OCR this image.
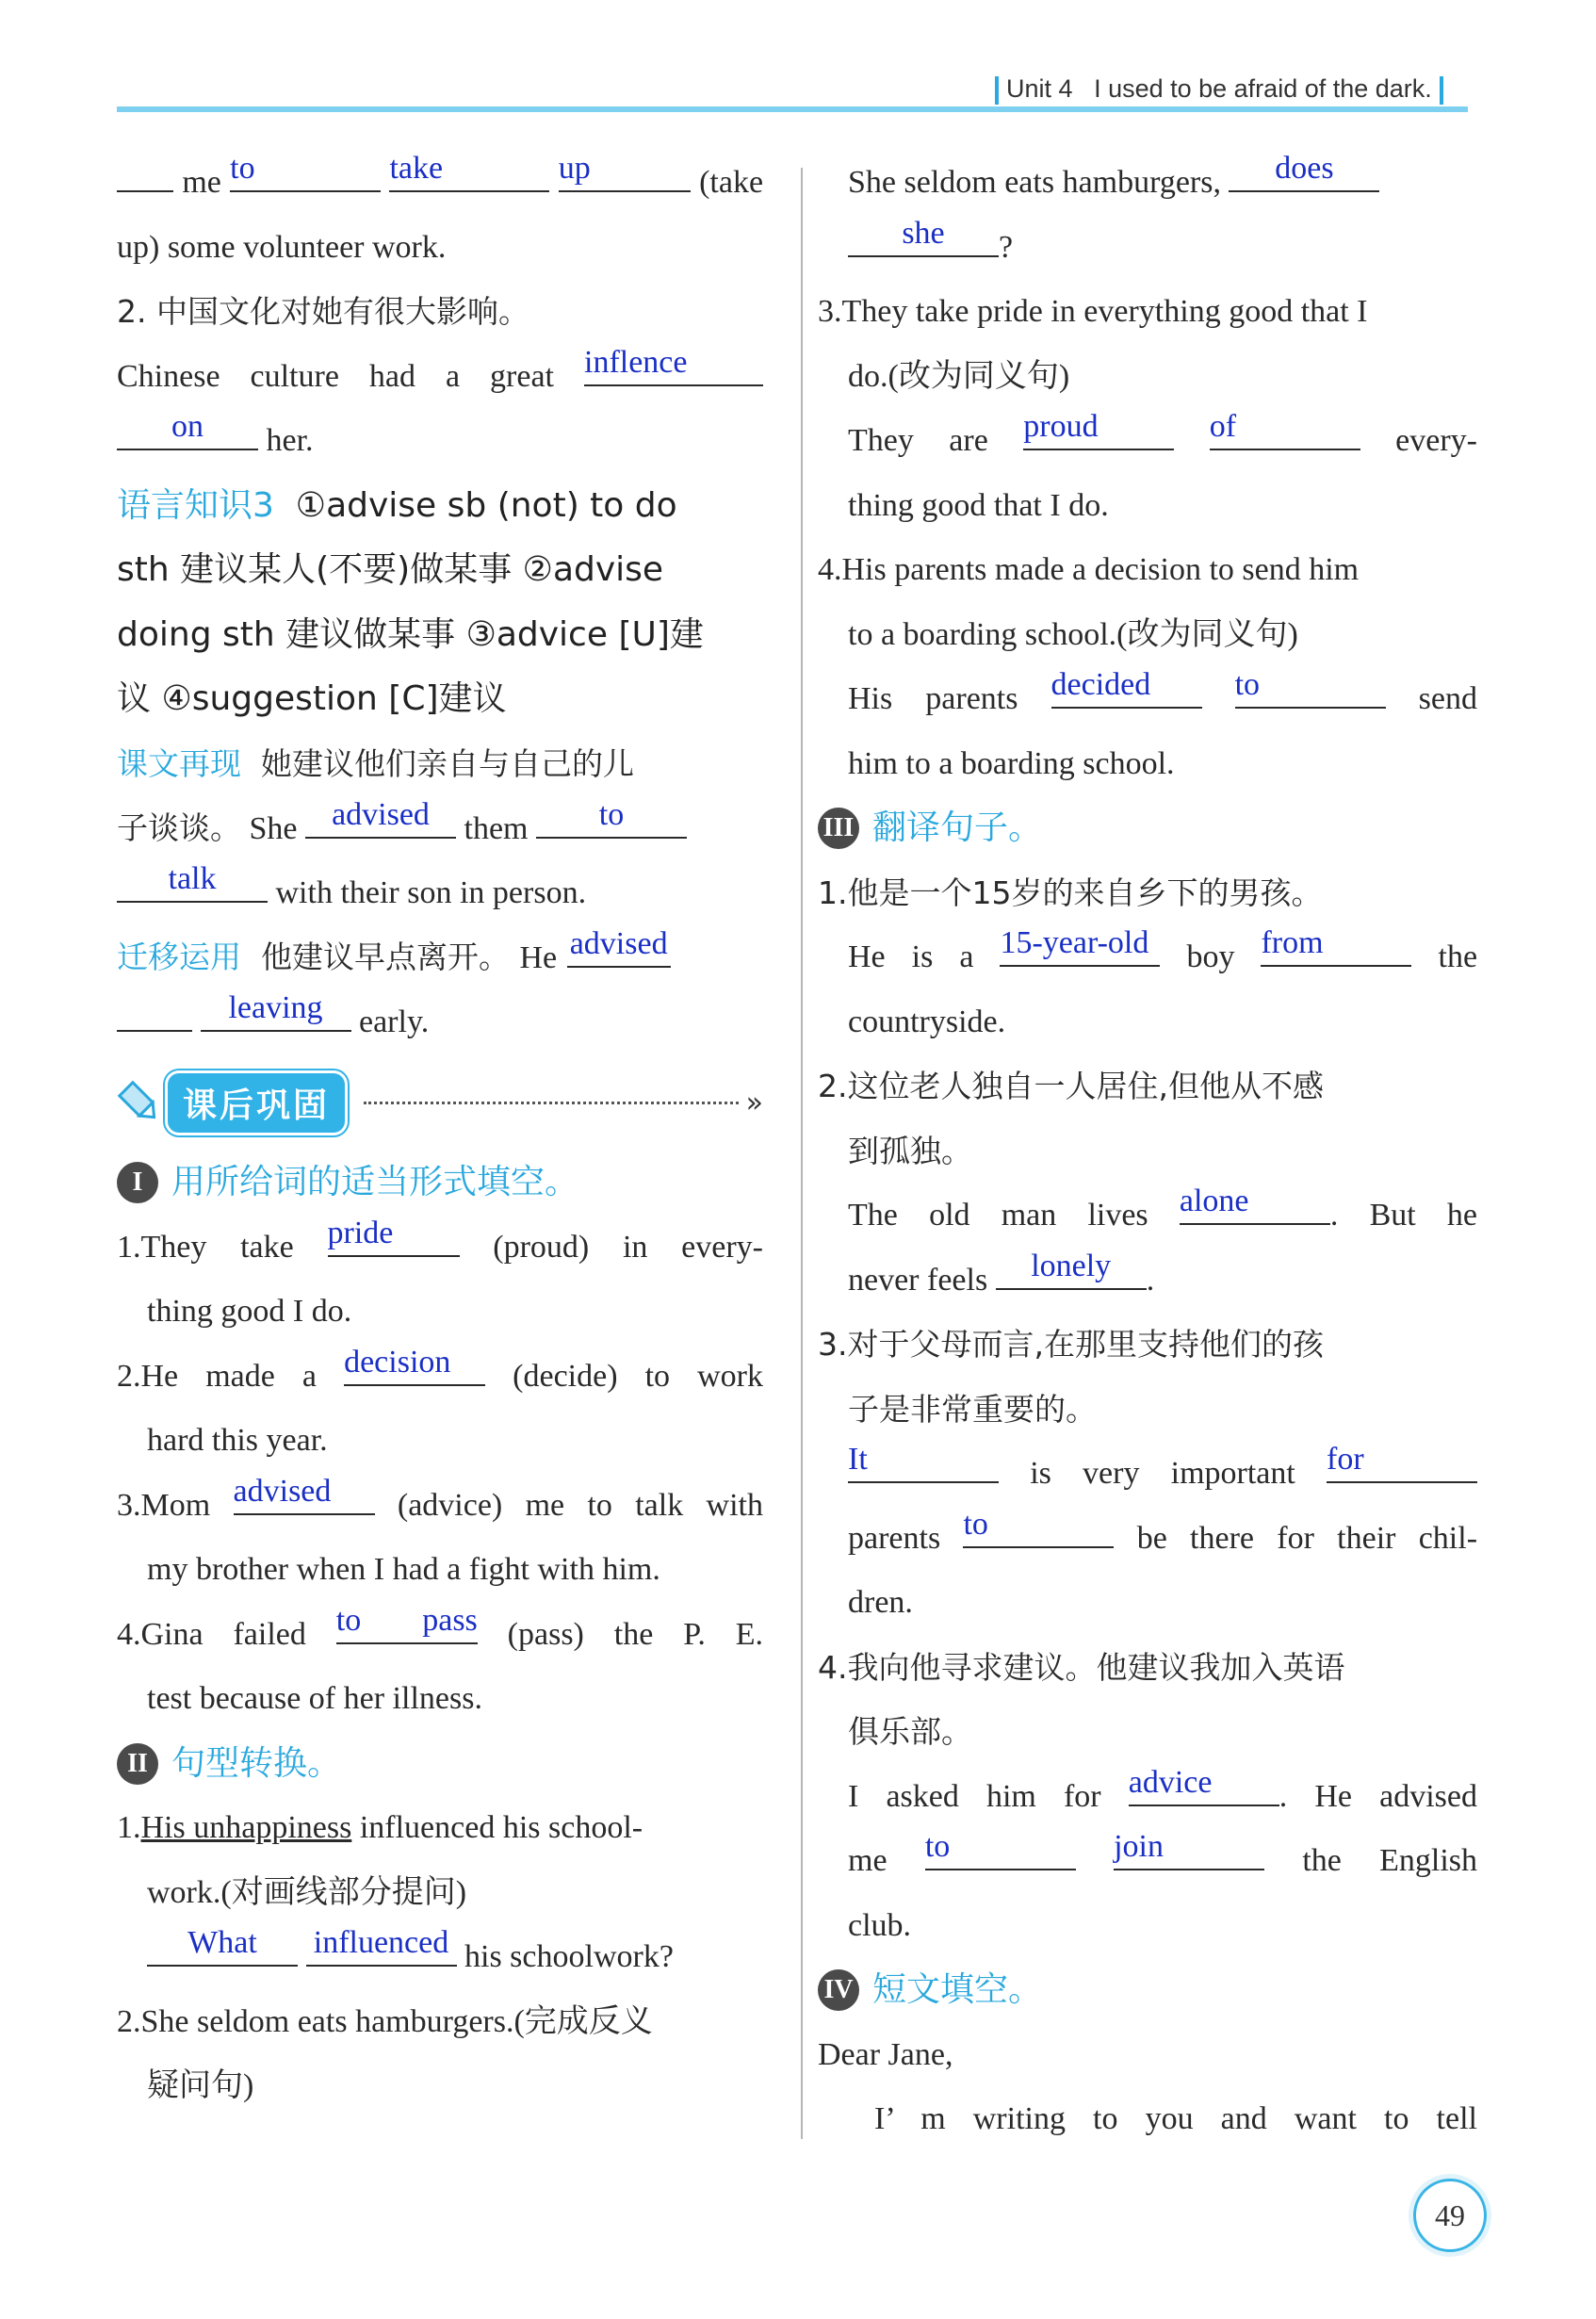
Unit 4 I used to be afraid of the dark.
me to
	take
	up	(take
up) some volunteer work.
2. 中国文化对她有很大影响。
Chinese culture had a great inflence
on	her.
语言知识3 ①advise sb (not) to do
sth 建议某人(不要)做某事 ②advise
doing sth 建议做某事 ③advice [U]建
议 ④suggestion [C]建议
课文再现 她建议他们亲自与自己的儿
子谈谈。 She	advised	them	to
talk	with their son in person.
迁移运用 他建议早点离开。 He advised

leaving	early.
课后巩固	»
I 用所给词的适当形式填空。
1.They take pride	(proud) in every-
thing good I do.
2.He made a decision	(decide) to work
hard this year.
3.Mom advised	(advice) me to talk with
my brother when I had a fight with him.
4.Gina failed to pass (pass) the P. E.
test because of her illness.
II 句型转换。
1.His unhappiness influenced his school-
work.(对画线部分提问)
What
	influenced his schoolwork?
2.She seldom eats hamburgers.(完成反义
疑问句)
She seldom eats hamburgers,	does
she	?
3.They take pride in everything good that I
do.(改为同义句)
They are proud
	of	every-
thing good that I do.
4.His parents made a decision to send him
to a boarding school.(改为同义句)
His parents decided
	to	send
him to a boarding school.
III 翻译句子。
1.他是一个15岁的来自乡下的男孩。
He is a 15-year-old	boy from	the
countryside.
2.这位老人独自一人居住,但他从不感
到孤独。
The old man lives alone	. But he
never feels	lonely	.
3.对于父母而言,在那里支持他们的孩
子是非常重要的。
It	is very important for
parents to	be there for their chil-
dren.
4.我向他寻求建议。他建议我加入英语
俱乐部。
I asked him for advice	. He advised
me to
	join	the English
club.
IV 短文填空。
Dear Jane,
I’ m writing to you and want to tell
49
